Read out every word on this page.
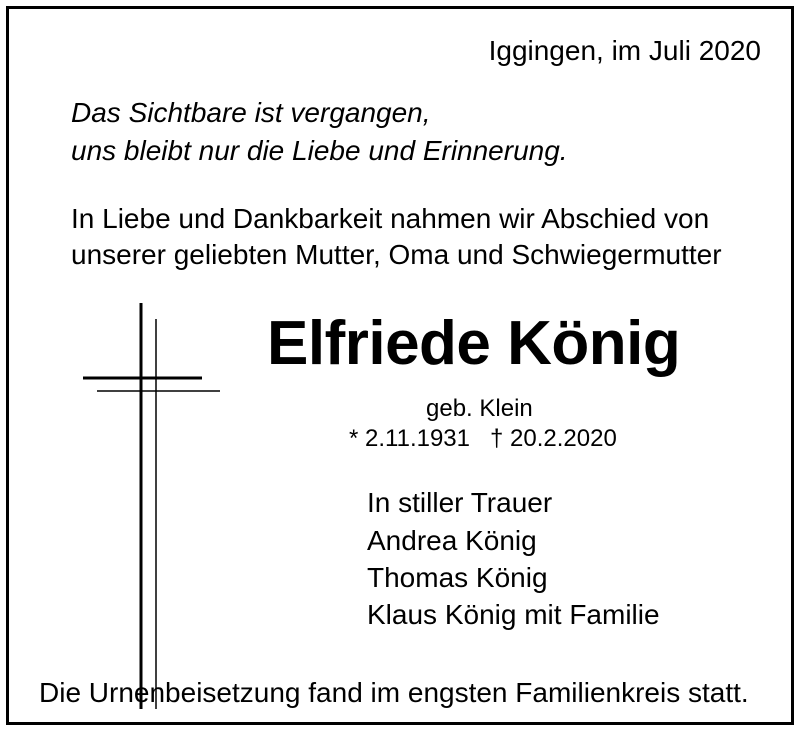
Iggingen, im Juli 2020
Das Sichtbare ist vergangen,
uns bleibt nur die Liebe und Erinnerung.
In Liebe und Dankbarkeit nahmen wir Abschied von
unserer geliebten Mutter, Oma und Schwiegermutter
Elfriede König
geb. Klein
* 2.11.1931   † 20.2.2020
In stiller Trauer
Andrea König
Thomas König
Klaus König mit Familie
Die Urnenbeisetzung fand im engsten Familienkreis statt.
